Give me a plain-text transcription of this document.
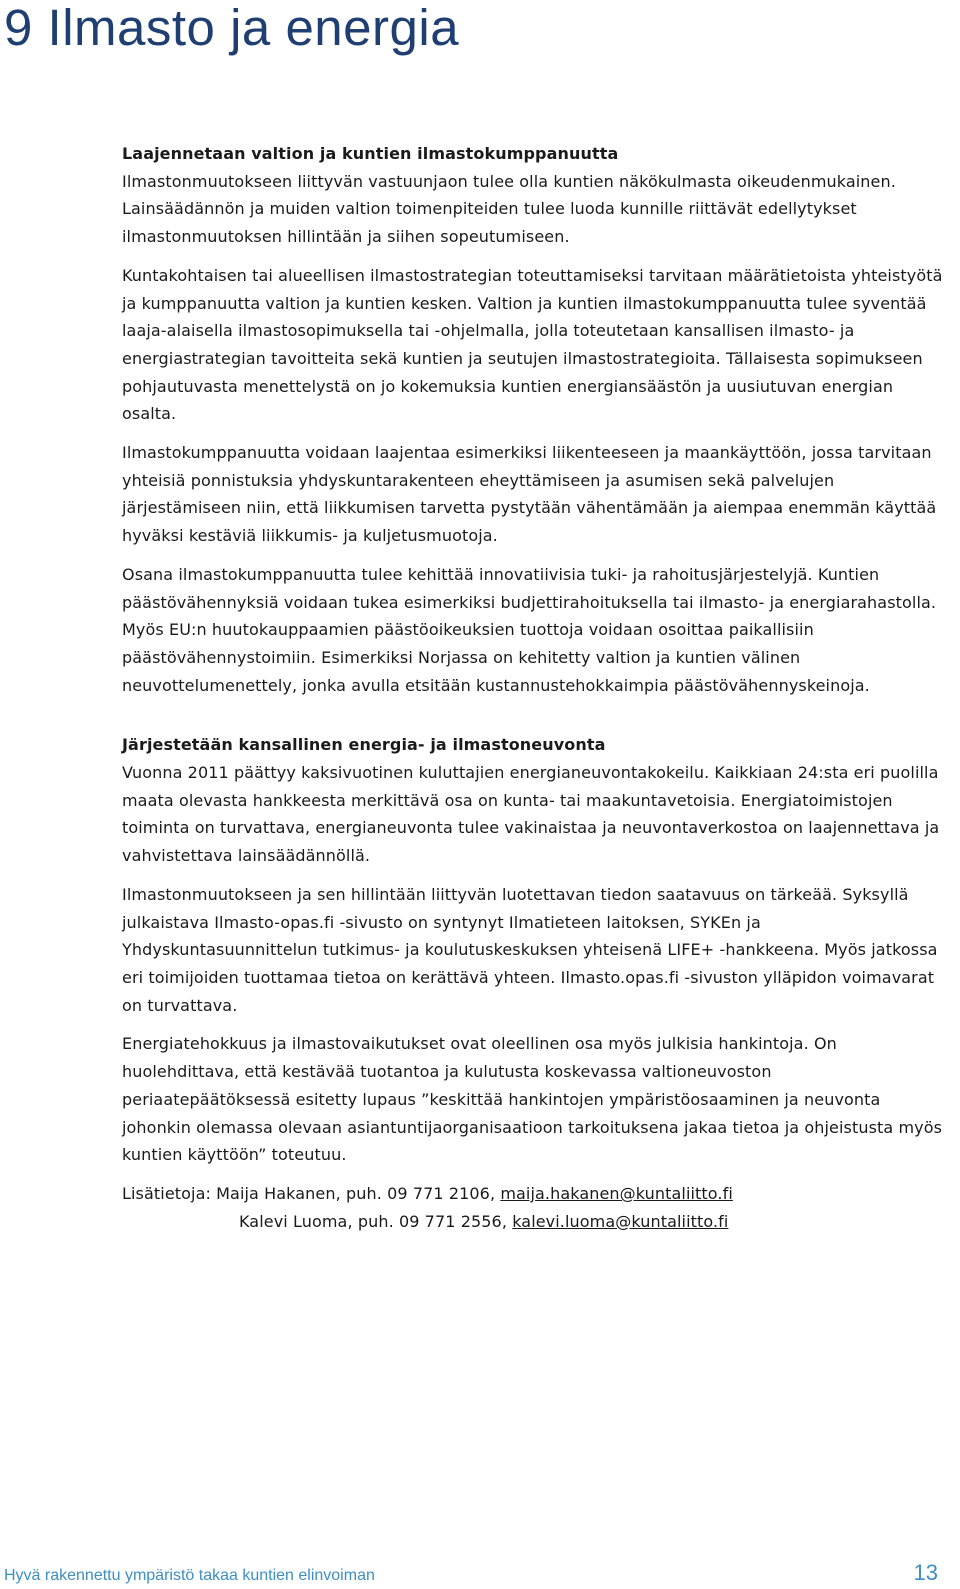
9 Ilmasto ja energia

Laajennetaan valtion ja kuntien ilmastokumppanuutta
Ilmastonmuutokseen liittyvän vastuunjaon tulee olla kuntien näkökulmasta oikeudenmukainen. Lainsäädännön ja muiden valtion toimenpiteiden tulee luoda kunnille riittävät edellytykset ilmastonmuutoksen hillintään ja siihen sopeutumiseen.

Kuntakohtaisen tai alueellisen ilmastostrategian toteuttamiseksi tarvitaan määrätietoista yhteistyötä ja kumppanuutta valtion ja kuntien kesken. Valtion ja kuntien ilmastokumppanuutta tulee syventää laaja-alaisella ilmastosopimuksella tai -ohjelmalla, jolla toteutetaan kansallisen ilmasto- ja energiastrategian tavoitteita sekä kuntien ja seutujen ilmastostrategioita. Tällaisesta sopimukseen pohjautuvasta menettelystä on jo kokemuksia kuntien energiansäästön ja uusiutuvan energian osalta.

Ilmastokumppanuutta voidaan laajentaa esimerkiksi liikenteeseen ja maankäyttöön, jossa tarvitaan yhteisiä ponnistuksia yhdyskuntarakenteen eheyttämiseen ja asumisen sekä palvelujen järjestämiseen niin, että liikkumisen tarvetta pystytään vähentämään ja aiempaa enemmän käyttää hyväksi kestäviä liikkumis- ja kuljetusmuotoja.

Osana ilmastokumppanuutta tulee kehittää innovatiivisia tuki- ja rahoitusjärjestelyjä. Kuntien päästövähennyksiä voidaan tukea esimerkiksi budjettirahoituksella tai ilmasto- ja energiarahastolla. Myös EU:n huutokauppaamien päästöoikeuksien tuottoja voidaan osoittaa paikallisiin päästövähennystoimiin. Esimerkiksi Norjassa on kehitetty valtion ja kuntien välinen neuvottelumenettely, jonka avulla etsitään kustannustehokkaimpia päästövähennyskeinoja.

Järjestetään kansallinen energia- ja ilmastoneuvonta
Vuonna 2011 päättyy kaksivuotinen kuluttajien energianeuvontakokeilu. Kaikkiaan 24:sta eri puolilla maata olevasta hankkeesta merkittävä osa on kunta- tai maakuntavetoisia. Energiatoimistojen toiminta on turvattava, energianeuvonta tulee vakinaistaa ja neuvontaverkostoa on laajennettava ja vahvistettava lainsäädännöllä.

Ilmastonmuutokseen ja sen hillintään liittyvän luotettavan tiedon saatavuus on tärkeää. Syksyllä julkaistava Ilmasto-opas.fi -sivusto on syntynyt Ilmatieteen laitoksen, SYKEn ja Yhdyskuntasuunnittelun tutkimus- ja koulutuskeskuksen yhteisenä LIFE+ -hankkeena. Myös jatkossa eri toimijoiden tuottamaa tietoa on kerättävä yhteen. Ilmasto.opas.fi -sivuston ylläpidon voimavarat on turvattava.

Energiatehokkuus ja ilmastovaikutukset ovat oleellinen osa myös julkisia hankintoja. On huolehdittava, että kestävää tuotantoa ja kulutusta koskevassa valtioneuvoston periaatepäätöksessä esitetty lupaus ”keskittää hankintojen ympäristöosaaminen ja neuvonta johonkin olemassa olevaan asiantuntijaorganisaatioon tarkoituksena jakaa tietoa ja ohjeistusta myös kuntien käyttöön” toteutuu.

Lisätietoja: Maija Hakanen, puh. 09 771 2106, maija.hakanen@kuntaliitto.fi
Kalevi Luoma, puh. 09 771 2556, kalevi.luoma@kuntaliitto.fi
Hyvä rakennettu ympäristö takaa kuntien elinvoiman	13
